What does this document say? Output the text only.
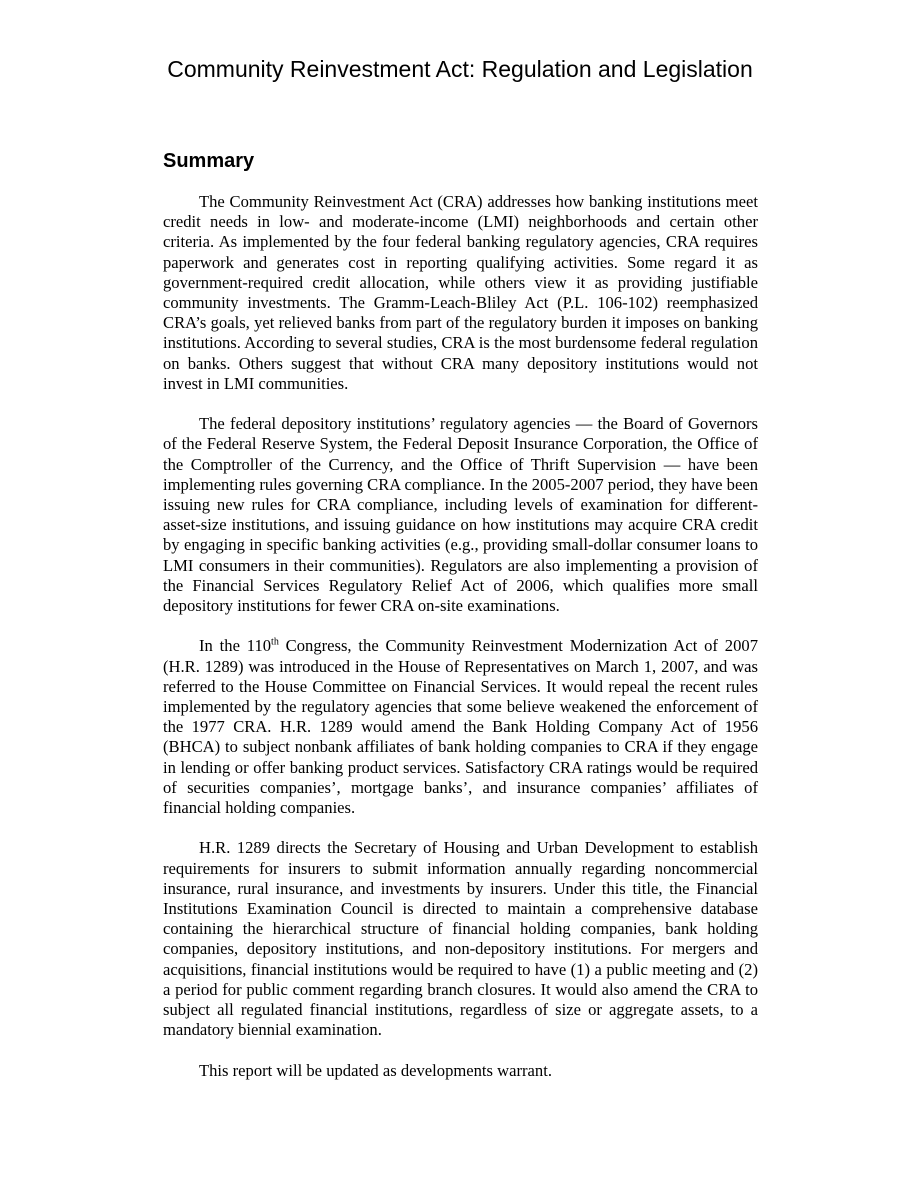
Community Reinvestment Act: Regulation and Legislation
Summary

The Community Reinvestment Act (CRA) addresses how banking institutions meet credit needs in low- and moderate-income (LMI) neighborhoods and certain other criteria. As implemented by the four federal banking regulatory agencies, CRA requires paperwork and generates cost in reporting qualifying activities. Some regard it as government-required credit allocation, while others view it as providing justifiable community investments. The Gramm-Leach-Bliley Act (P.L. 106-102) reemphasized CRA’s goals, yet relieved banks from part of the regulatory burden it imposes on banking institutions. According to several studies, CRA is the most burdensome federal regulation on banks. Others suggest that without CRA many depository institutions would not invest in LMI communities.

The federal depository institutions’ regulatory agencies — the Board of Governors of the Federal Reserve System, the Federal Deposit Insurance Corporation, the Office of the Comptroller of the Currency, and the Office of Thrift Supervision — have been implementing rules governing CRA compliance. In the 2005-2007 period, they have been issuing new rules for CRA compliance, including levels of examination for different-asset-size institutions, and issuing guidance on how institutions may acquire CRA credit by engaging in specific banking activities (e.g., providing small-dollar consumer loans to LMI consumers in their communities). Regulators are also implementing a provision of the Financial Services Regulatory Relief Act of 2006, which qualifies more small depository institutions for fewer CRA on-site examinations.

In the 110th Congress, the Community Reinvestment Modernization Act of 2007 (H.R. 1289) was introduced in the House of Representatives on March 1, 2007, and was referred to the House Committee on Financial Services. It would repeal the recent rules implemented by the regulatory agencies that some believe weakened the enforcement of the 1977 CRA. H.R. 1289 would amend the Bank Holding Company Act of 1956 (BHCA) to subject nonbank affiliates of bank holding companies to CRA if they engage in lending or offer banking product services. Satisfactory CRA ratings would be required of securities companies’, mortgage banks’, and insurance companies’ affiliates of financial holding companies.

H.R. 1289 directs the Secretary of Housing and Urban Development to establish requirements for insurers to submit information annually regarding noncommercial insurance, rural insurance, and investments by insurers. Under this title, the Financial Institutions Examination Council is directed to maintain a comprehensive database containing the hierarchical structure of financial holding companies, bank holding companies, depository institutions, and non-depository institutions. For mergers and acquisitions, financial institutions would be required to have (1) a public meeting and (2) a period for public comment regarding branch closures. It would also amend the CRA to subject all regulated financial institutions, regardless of size or aggregate assets, to a mandatory biennial examination.

This report will be updated as developments warrant.
